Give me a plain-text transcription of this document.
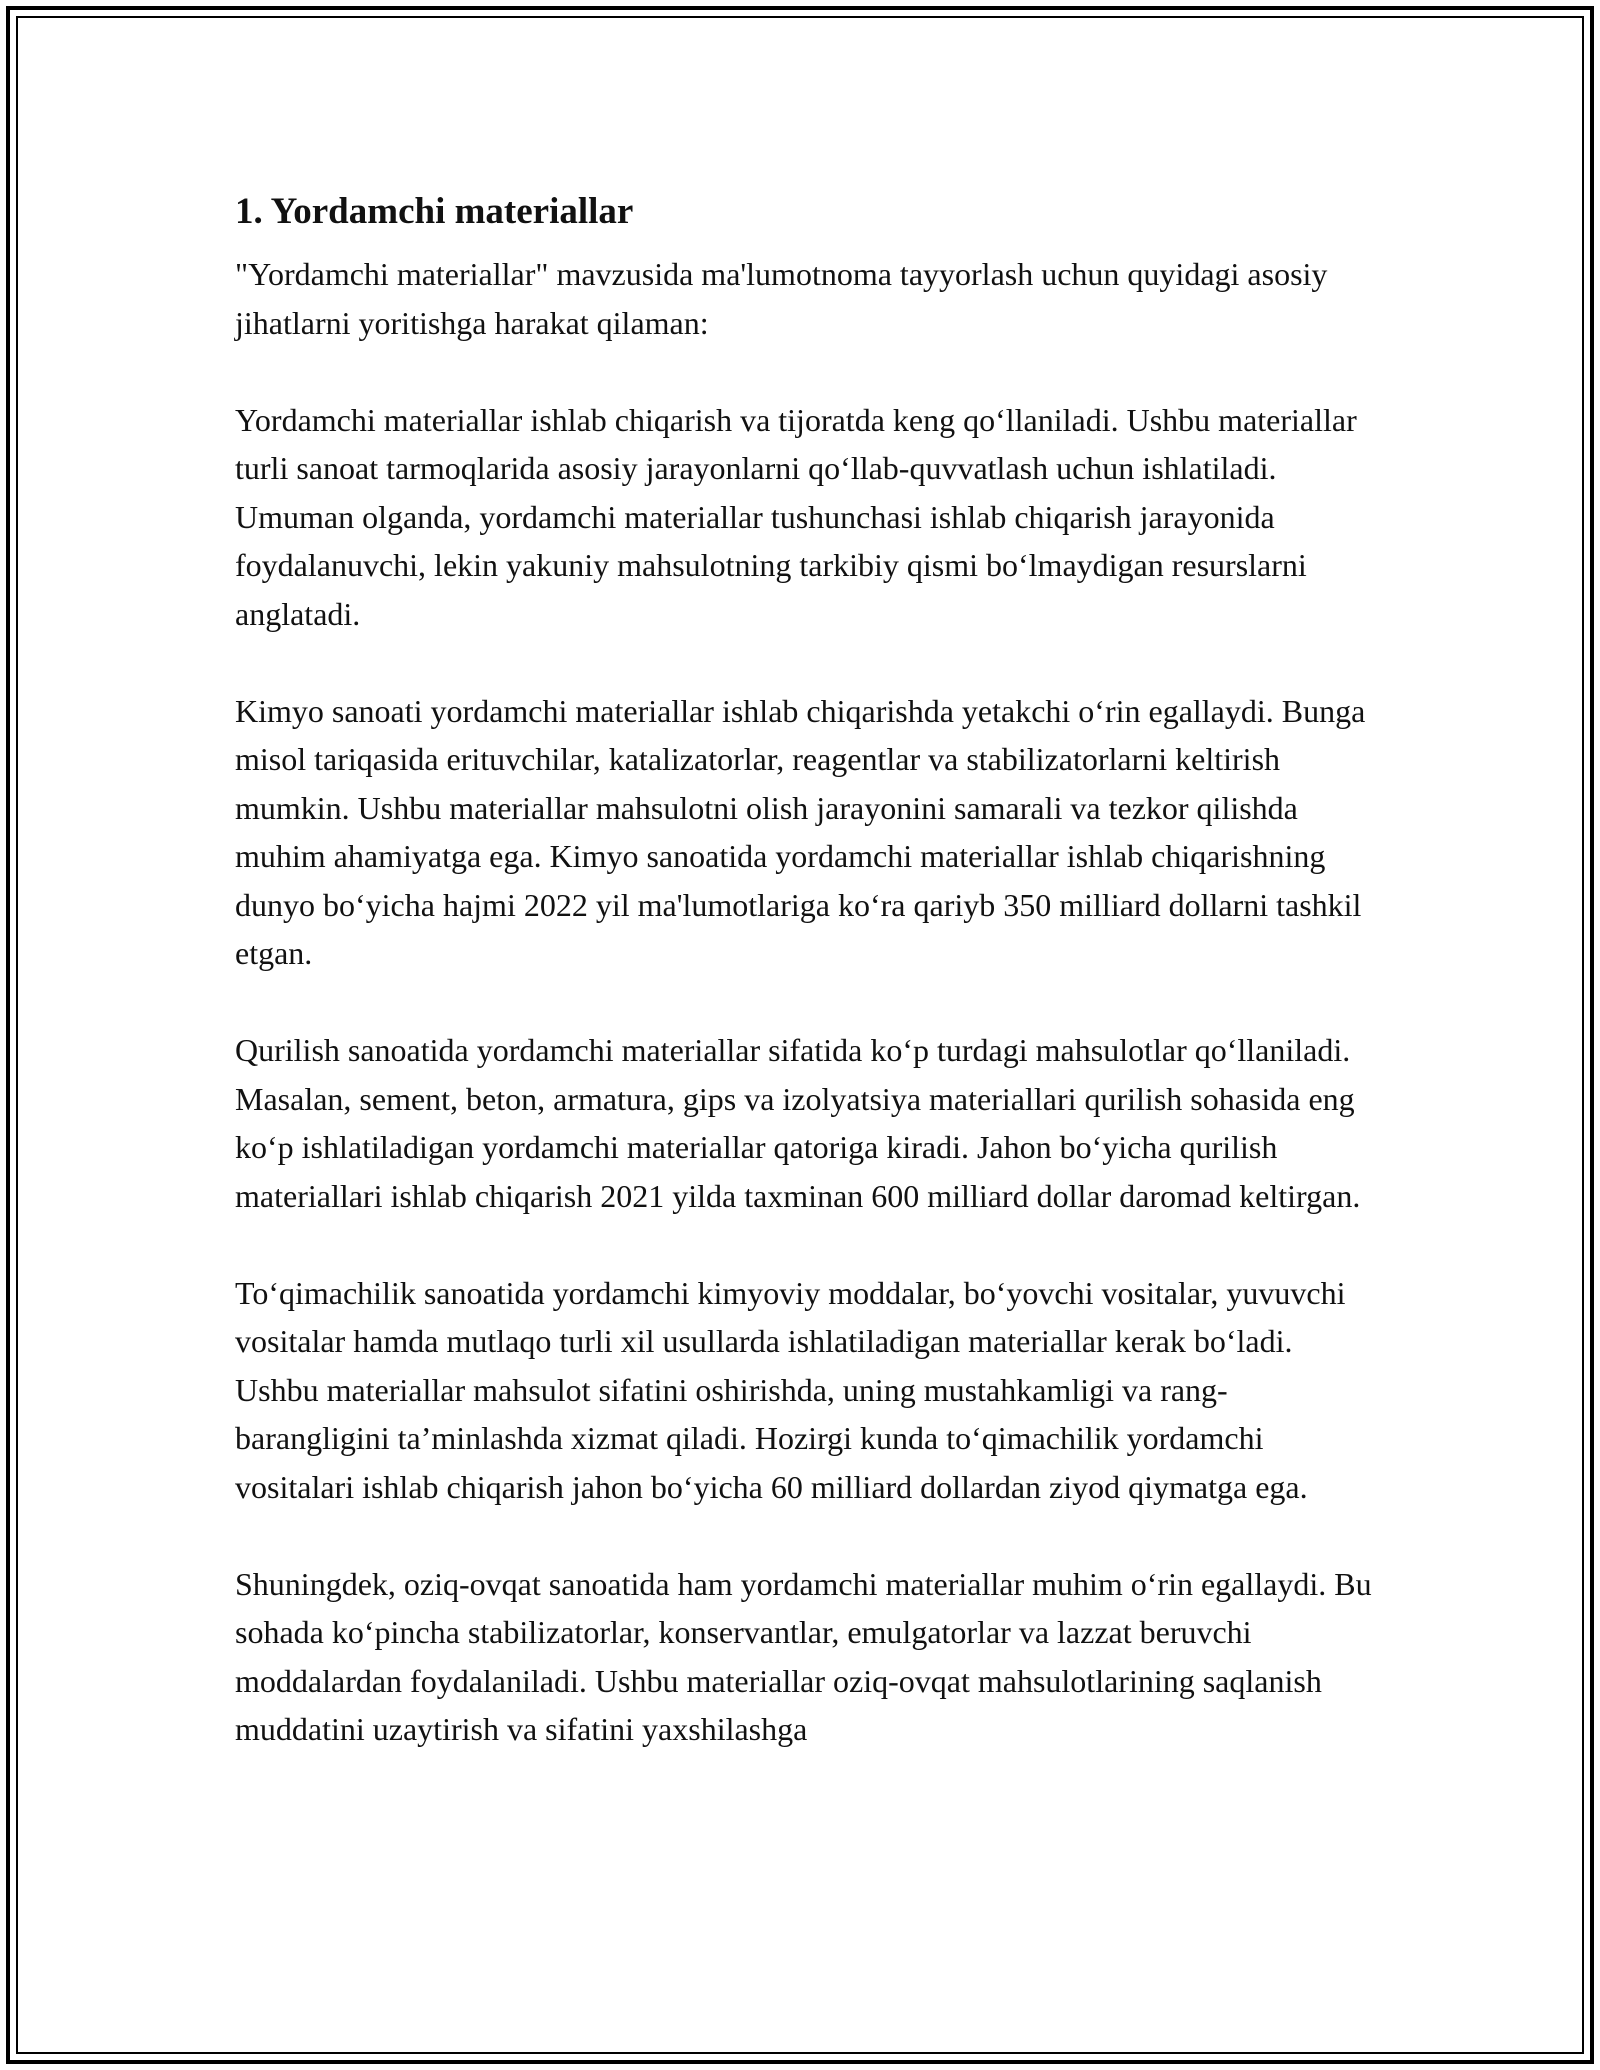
1. Yordamchi materiallar

"Yordamchi materiallar" mavzusida ma'lumotnoma tayyorlash uchun quyidagi asosiy jihatlarni yoritishga harakat qilaman:

Yordamchi materiallar ishlab chiqarish va tijoratda keng qo‘llaniladi. Ushbu materiallar turli sanoat tarmoqlarida asosiy jarayonlarni qo‘llab-quvvatlash uchun ishlatiladi. Umuman olganda, yordamchi materiallar tushunchasi ishlab chiqarish jarayonida foydalanuvchi, lekin yakuniy mahsulotning tarkibiy qismi bo‘lmaydigan resurslarni anglatadi.

Kimyo sanoati yordamchi materiallar ishlab chiqarishda yetakchi o‘rin egallaydi. Bunga misol tariqasida erituvchilar, katalizatorlar, reagentlar va stabilizatorlarni keltirish mumkin. Ushbu materiallar mahsulotni olish jarayonini samarali va tezkor qilishda muhim ahamiyatga ega. Kimyo sanoatida yordamchi materiallar ishlab chiqarishning dunyo bo‘yicha hajmi 2022 yil ma'lumotlariga ko‘ra qariyb 350 milliard dollarni tashkil etgan.

Qurilish sanoatida yordamchi materiallar sifatida ko‘p turdagi mahsulotlar qo‘llaniladi. Masalan, sement, beton, armatura, gips va izolyatsiya materiallari qurilish sohasida eng ko‘p ishlatiladigan yordamchi materiallar qatoriga kiradi. Jahon bo‘yicha qurilish materiallari ishlab chiqarish 2021 yilda taxminan 600 milliard dollar daromad keltirgan.

To‘qimachilik sanoatida yordamchi kimyoviy moddalar, bo‘yovchi vositalar, yuvuvchi vositalar hamda mutlaqo turli xil usullarda ishlatiladigan materiallar kerak bo‘ladi. Ushbu materiallar mahsulot sifatini oshirishda, uning mustahkamligi va rang-barangligini ta’minlashda xizmat qiladi. Hozirgi kunda to‘qimachilik yordamchi vositalari ishlab chiqarish jahon bo‘yicha 60 milliard dollardan ziyod qiymatga ega.

Shuningdek, oziq-ovqat sanoatida ham yordamchi materiallar muhim o‘rin egallaydi. Bu sohada ko‘pincha stabilizatorlar, konservantlar, emulgatorlar va lazzat beruvchi moddalardan foydalaniladi. Ushbu materiallar oziq-ovqat mahsulotlarining saqlanish muddatini uzaytirish va sifatini yaxshilashga
